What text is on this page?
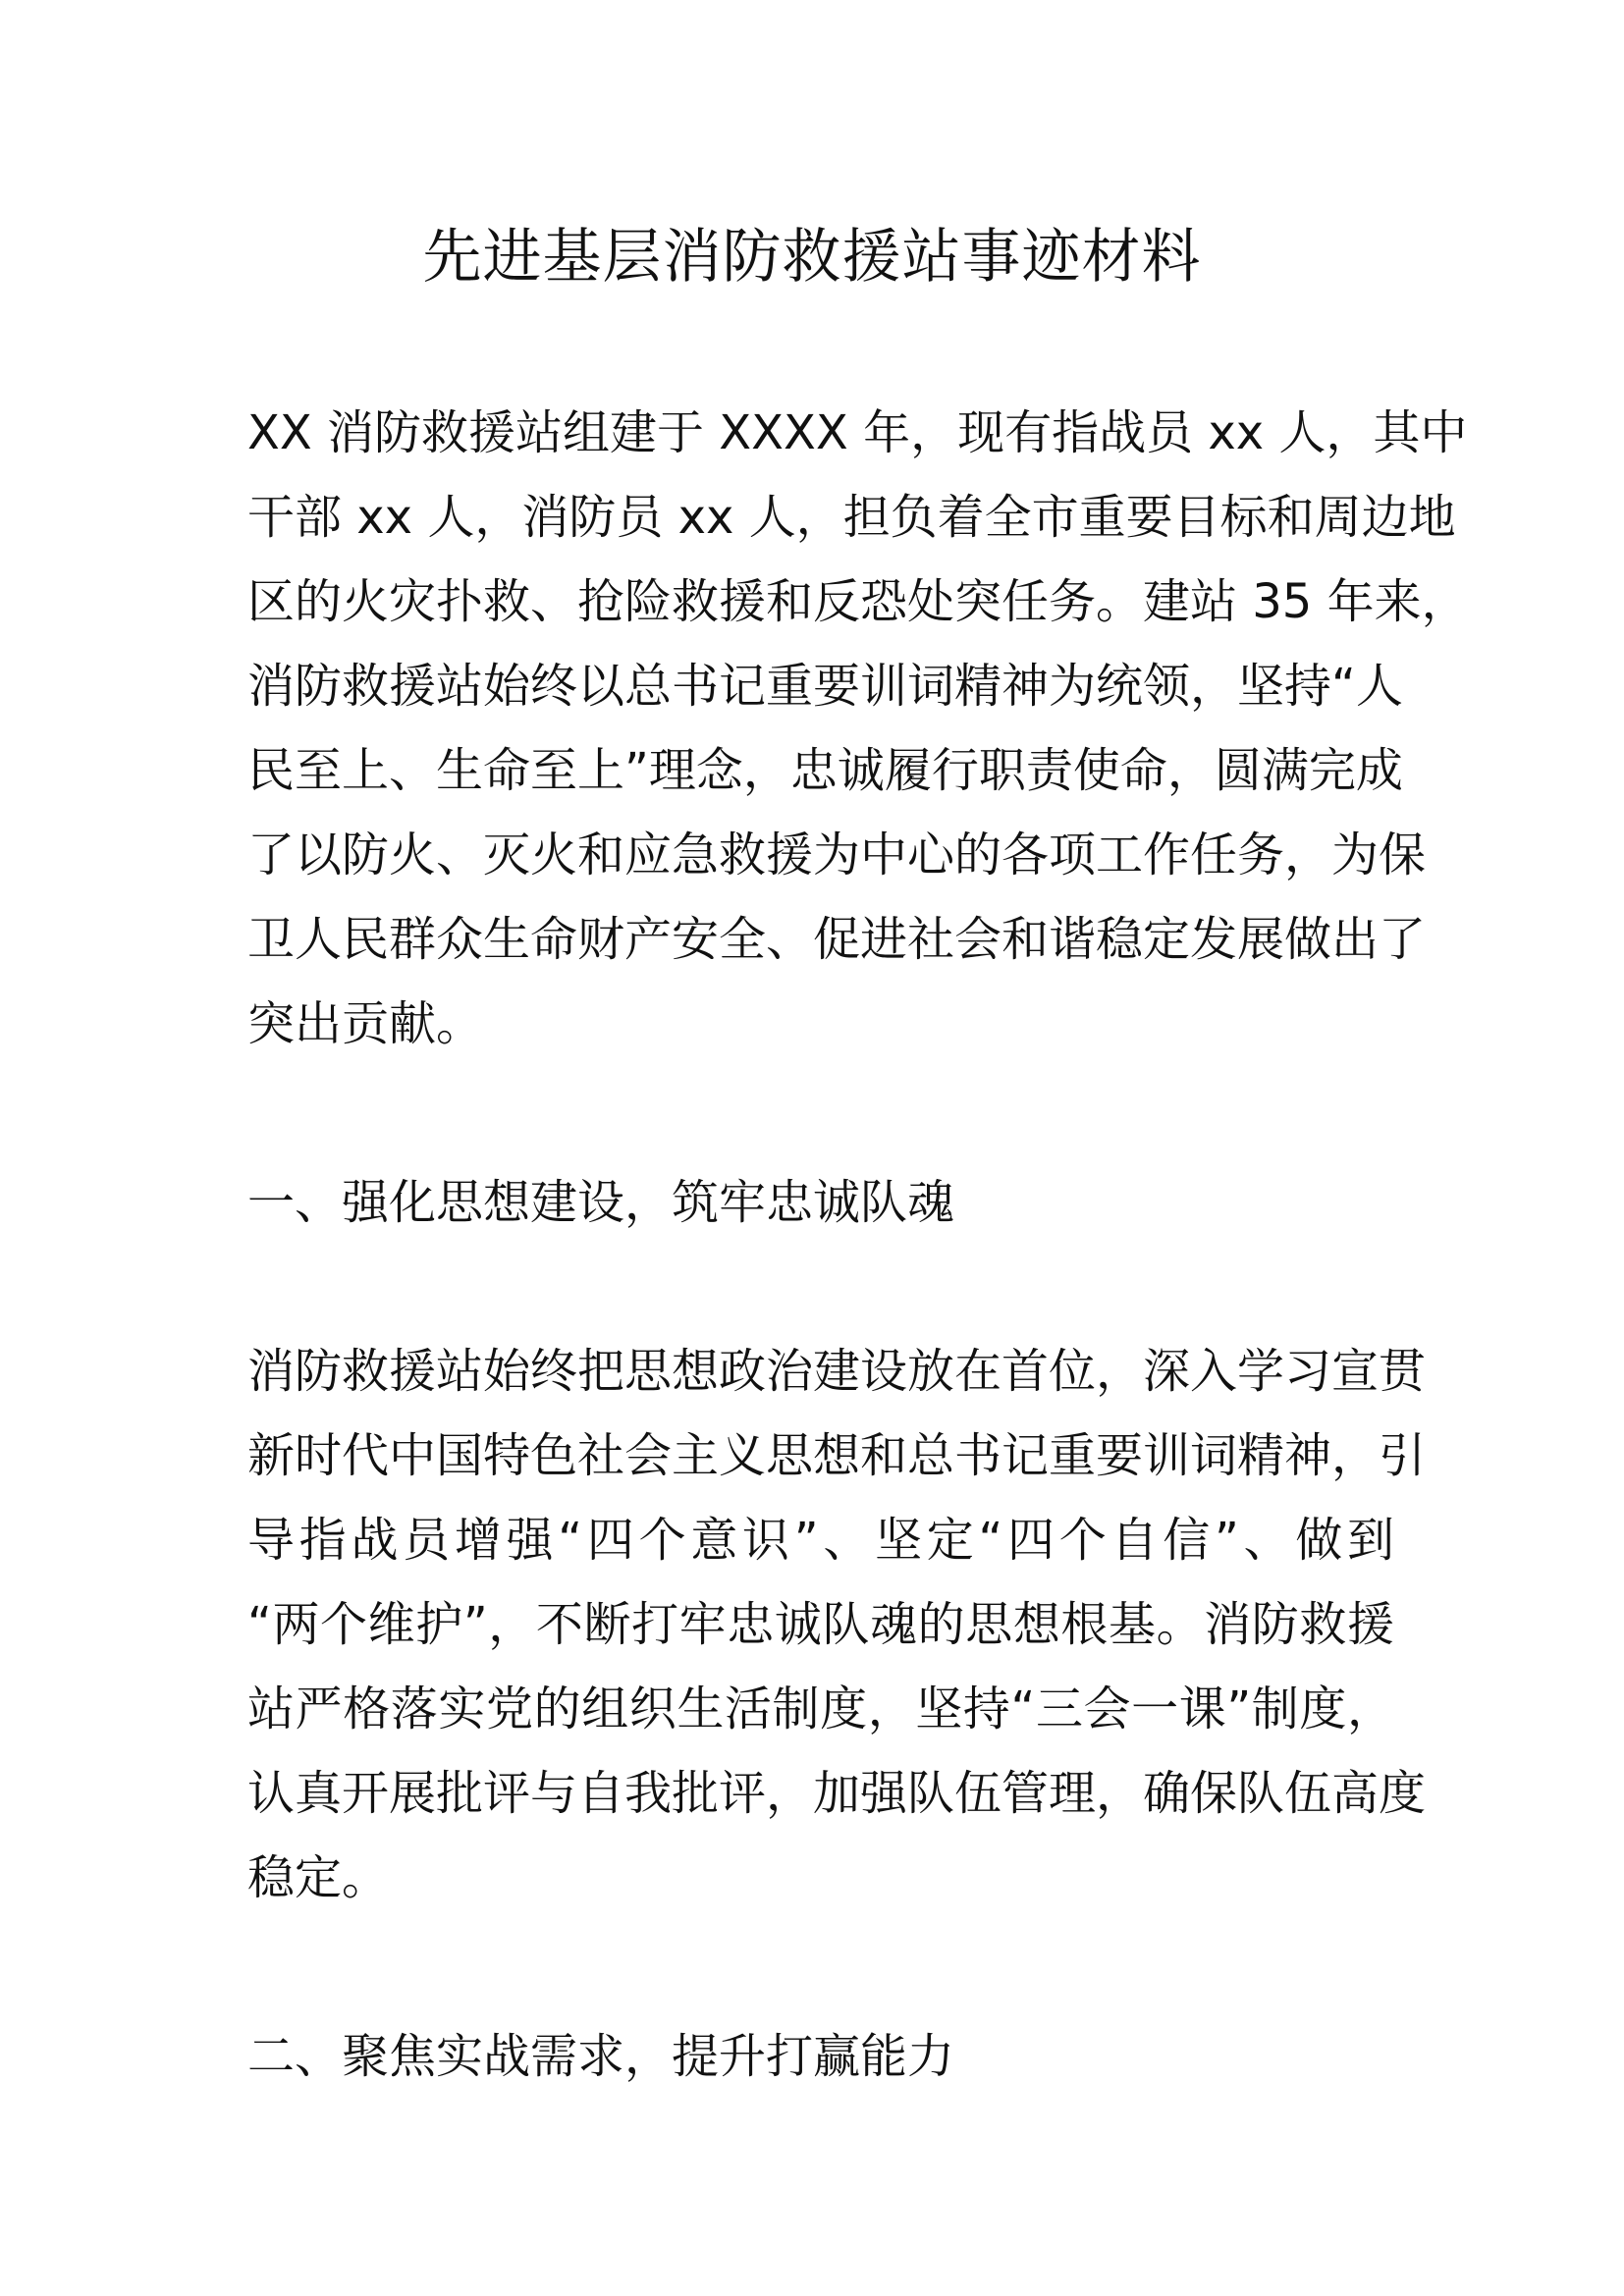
先进基层消防救援站事迹材料
XX 消防救援站组建于 XXXX 年，现有指战员 xx 人，其中
干部 xx 人，消防员 xx 人，担负着全市重要目标和周边地
区的火灾扑救、抢险救援和反恐处突任务。建站 35 年来，
消防救援站始终以总书记重要训词精神为统领，坚持“人
民至上、生命至上”理念，忠诚履行职责使命，圆满完成
了以防火、灭火和应急救援为中心的各项工作任务，为保
卫人民群众生命财产安全、促进社会和谐稳定发展做出了
突出贡献。
一、强化思想建设，筑牢忠诚队魂
消防救援站始终把思想政治建设放在首位，深入学习宣贯
新时代中国特色社会主义思想和总书记重要训词精神，引
导指战员增强“四个意识”、坚定“四个自信”、做到
“两个维护”，不断打牢忠诚队魂的思想根基。消防救援
站严格落实党的组织生活制度，坚持“三会一课”制度，
认真开展批评与自我批评，加强队伍管理，确保队伍高度
稳定。
二、聚焦实战需求，提升打赢能力
